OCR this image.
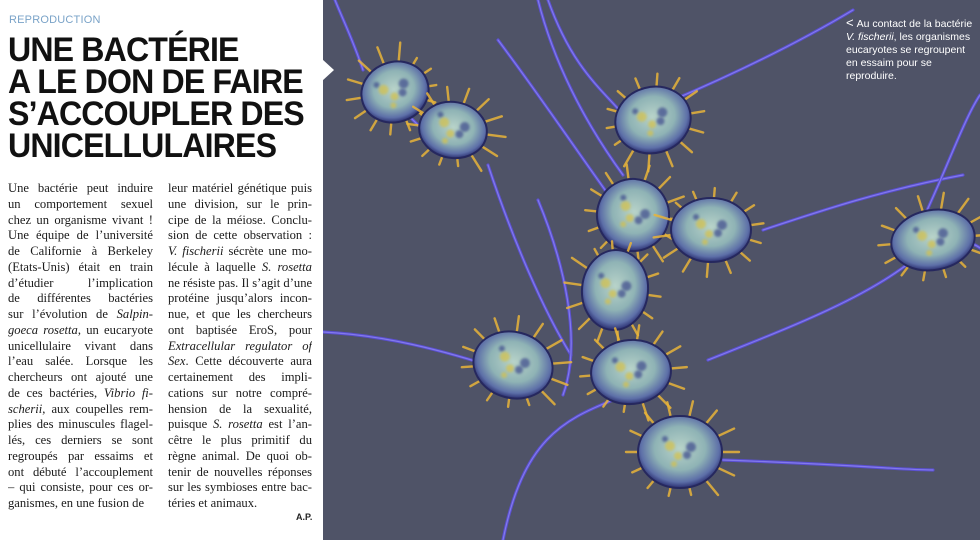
REPRODUCTION
UNE BACTÉRIE
A LE DON DE FAIRE
S’ACCOUPLER DES
UNICELLULAIRES
Une bactérie peut induire
un comportement sexuel
chez un organisme vivant !
Une équipe de l’université
de Californie à Berkeley
(Etats-Unis) était en train
d’étudier l’implication
de différentes bactéries
sur l’évolution de Salpin-
goeca rosetta, un eucaryote
unicellulaire vivant dans
l’eau salée. Lorsque les
chercheurs ont ajouté une
de ces bactéries, Vibrio fi-
scherii, aux coupelles rem-
plies des minuscules flagel-
lés, ces derniers se sont
regroupés par essaims et
ont débuté l’accouplement
– qui consiste, pour ces or-
ganismes, en une fusion de
leur matériel génétique puis
une division, sur le prin-
cipe de la méiose. Conclu-
sion de cette observation :
V. fischerii sécrète une mo-
lécule à laquelle S. rosetta
ne résiste pas. Il s’agit d’une
protéine jusqu’alors incon-
nue, et que les chercheurs
ont baptisée EroS, pour
Extracellular regulator of
Sex. Cette découverte aura
certainement des impli-
cations sur notre compré-
hension de la sexualité,
puisque S. rosetta est l’an-
cêtre le plus primitif du
règne animal. De quoi ob-
tenir de nouvelles réponses
sur les symbioses entre bac-
téries et animaux.
A.P.
< Au contact de la bactérie V. fischerii, les organismes eucaryotes se regroupent en essaim pour se reproduire.
